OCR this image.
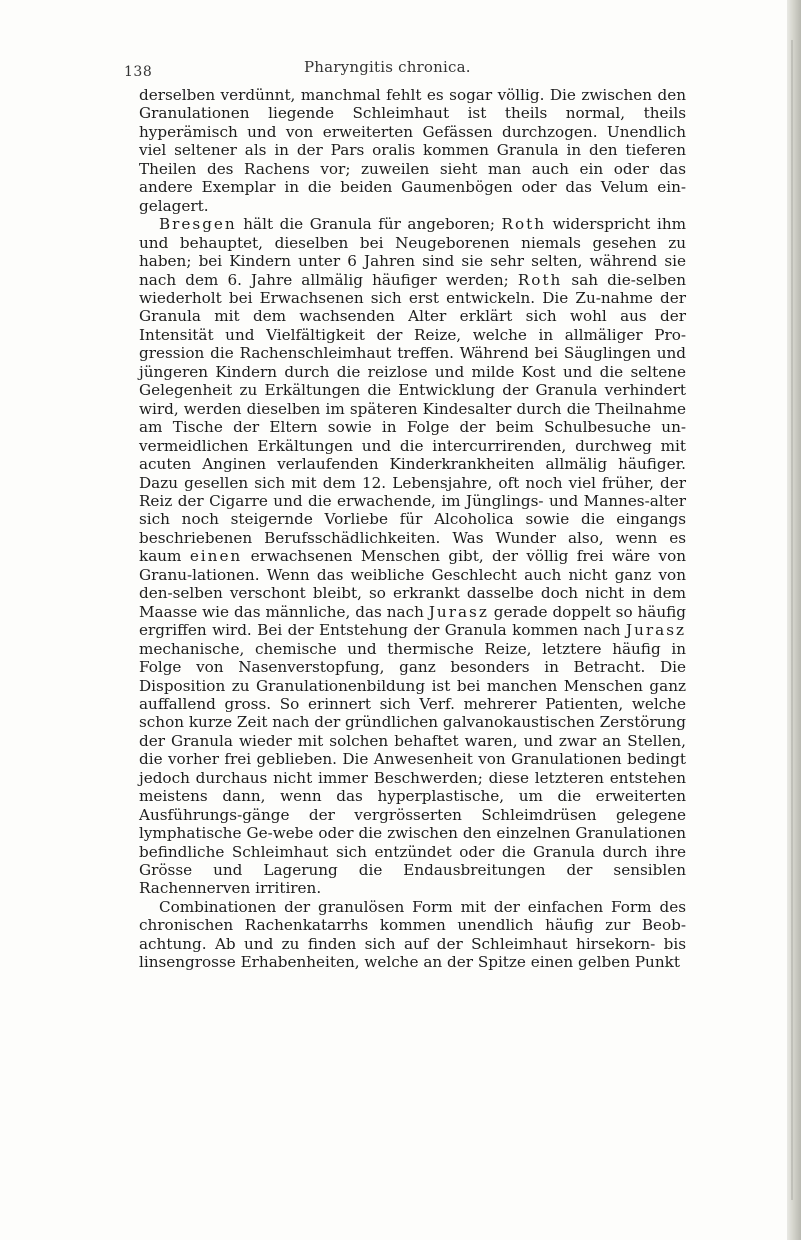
138	Pharyngitis chronica.

derselben verdünnt, manchmal fehlt es sogar völlig. Die zwischen den Granulationen liegende Schleimhaut ist theils normal, theils hyperämisch und von erweiterten Gefässen durchzogen. Unendlich viel seltener als in der Pars oralis kommen Granula in den tieferen Theilen des Rachens vor; zuweilen sieht man auch ein oder das andere Exemplar in die beiden Gaumenbögen oder das Velum ein-gelagert.

Bresgen hält die Granula für angeboren; Roth widerspricht ihm und behauptet, dieselben bei Neugeborenen niemals gesehen zu haben; bei Kindern unter 6 Jahren sind sie sehr selten, während sie nach dem 6. Jahre allmälig häufiger werden; Roth sah die-selben wiederholt bei Erwachsenen sich erst entwickeln. Die Zu-nahme der Granula mit dem wachsenden Alter erklärt sich wohl aus der Intensität und Vielfältigkeit der Reize, welche in allmäliger Pro-gression die Rachenschleimhaut treffen. Während bei Säuglingen und jüngeren Kindern durch die reizlose und milde Kost und die seltene Gelegenheit zu Erkältungen die Entwicklung der Granula verhindert wird, werden dieselben im späteren Kindesalter durch die Theilnahme am Tische der Eltern sowie in Folge der beim Schulbesuche un-vermeidlichen Erkältungen und die intercurrirenden, durchweg mit acuten Anginen verlaufenden Kinderkrankheiten allmälig häufiger. Dazu gesellen sich mit dem 12. Lebensjahre, oft noch viel früher, der Reiz der Cigarre und die erwachende, im Jünglings- und Mannes-alter sich noch steigernde Vorliebe für Alcoholica sowie die eingangs beschriebenen Berufsschädlichkeiten. Was Wunder also, wenn es kaum einen erwachsenen Menschen gibt, der völlig frei wäre von Granu-lationen. Wenn das weibliche Geschlecht auch nicht ganz von den-selben verschont bleibt, so erkrankt dasselbe doch nicht in dem Maasse wie das männliche, das nach Jurasz gerade doppelt so häufig ergriffen wird. Bei der Entstehung der Granula kommen nach Jurasz mechanische, chemische und thermische Reize, letztere häufig in Folge von Nasenverstopfung, ganz besonders in Betracht. Die Disposition zu Granulationenbildung ist bei manchen Menschen ganz auffallend gross. So erinnert sich Verf. mehrerer Patienten, welche schon kurze Zeit nach der gründlichen galvanokaustischen Zerstörung der Granula wieder mit solchen behaftet waren, und zwar an Stellen, die vorher frei geblieben. Die Anwesenheit von Granulationen bedingt jedoch durchaus nicht immer Beschwerden; diese letzteren entstehen meistens dann, wenn das hyperplastische, um die erweiterten Ausführungs-gänge der vergrösserten Schleimdrüsen gelegene lymphatische Ge-webe oder die zwischen den einzelnen Granulationen befindliche Schleimhaut sich entzündet oder die Granula durch ihre Grösse und Lagerung die Endausbreitungen der sensiblen Rachennerven irritiren.

Combinationen der granulösen Form mit der einfachen Form des chronischen Rachenkatarrhs kommen unendlich häufig zur Beob-achtung. Ab und zu finden sich auf der Schleimhaut hirsekorn- bis linsengrosse Erhabenheiten, welche an der Spitze einen gelben Punkt
